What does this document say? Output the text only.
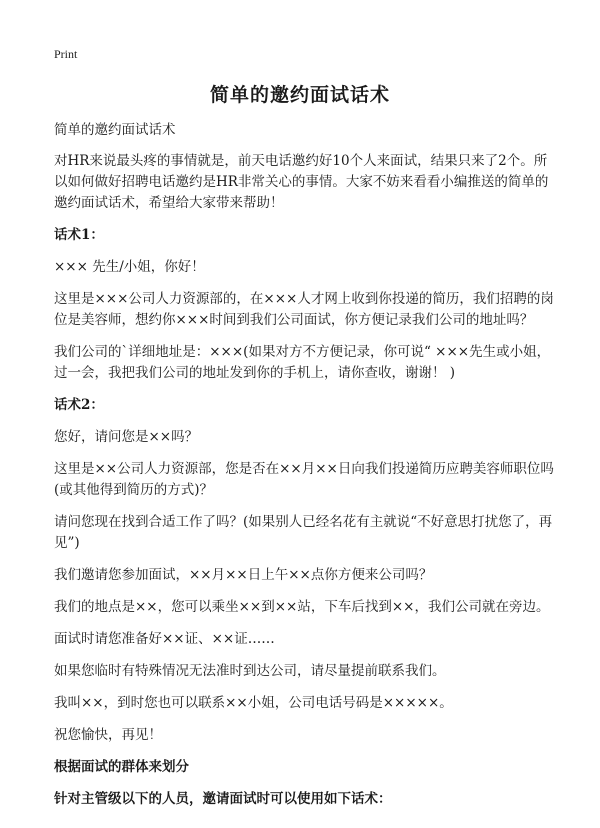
Print
简单的邀约面试话术

简单的邀约面试话术

对HR来说最头疼的事情就是，前天电话邀约好10个人来面试，结果只来了2个。所以如何做好招聘电话邀约是HR非常关心的事情。大家不妨来看看小编推送的简单的邀约面试话术，希望给大家带来帮助！

话术1：

××× 先生/小姐，你好！

这里是×××公司人力资源部的，在×××人才网上收到你投递的简历，我们招聘的岗位是美容师，想约你×××时间到我们公司面试，你方便记录我们公司的地址吗？

我们公司的`详细地址是：×××(如果对方不方便记录，你可说“ ×××先生或小姐，过一会，我把我们公司的地址发到你的手机上，请你查收，谢谢！ )

话术2：

您好，请问您是××吗？

这里是××公司人力资源部，您是否在××月××日向我们投递简历应聘美容师职位吗(或其他得到简历的方式)？

请问您现在找到合适工作了吗？(如果别人已经名花有主就说“不好意思打扰您了，再见”)

我们邀请您参加面试，××月××日上午××点你方便来公司吗？

我们的地点是××，您可以乘坐××到××站，下车后找到××，我们公司就在旁边。

面试时请您准备好××证、××证……

如果您临时有特殊情况无法准时到达公司，请尽量提前联系我们。

我叫××，到时您也可以联系××小姐，公司电话号码是×××××。

祝您愉快，再见！

根据面试的群体来划分

针对主管级以下的人员，邀请面试时可以使用如下话术：
